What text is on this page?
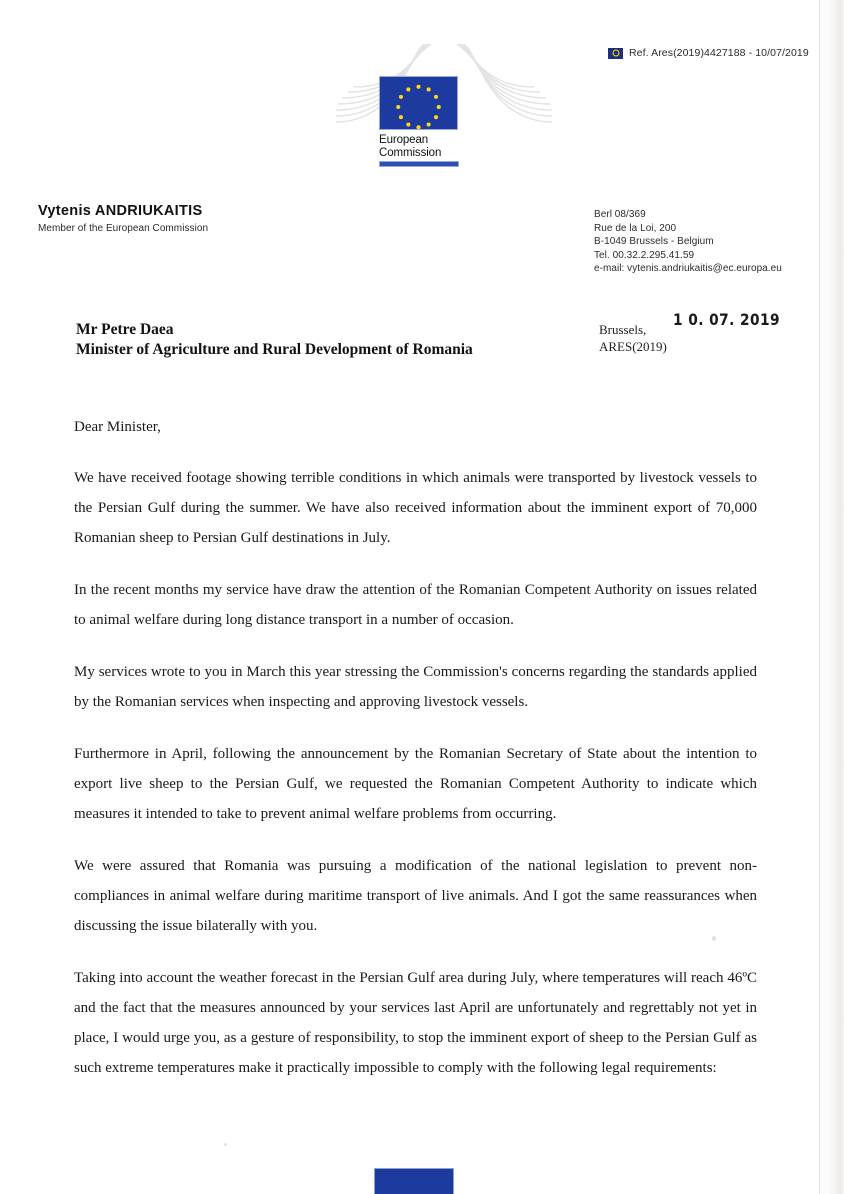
Ref. Ares(2019)4427188 - 10/07/2019
European
Commission
Vytenis ANDRIUKAITIS
Member of the European Commission
Berl 08/369
Rue de la Loi, 200
B-1049 Brussels - Belgium
Tel. 00.32.2.295.41.59
e-mail: vytenis.andriukaitis@ec.europa.eu
Mr Petre Daea
Minister of Agriculture and Rural Development of Romania
Brussels,
ARES(2019)
1 0. 07. 2019
Dear Minister,

We have received footage showing terrible conditions in which animals were transported by livestock vessels to the Persian Gulf during the summer. We have also received information about the imminent export of 70,000 Romanian sheep to Persian Gulf destinations in July.

In the recent months my service have draw the attention of the Romanian Competent Authority on issues related to animal welfare during long distance transport in a number of occasion.

My services wrote to you in March this year stressing the Commission's concerns regarding the standards applied by the Romanian services when inspecting and approving livestock vessels.

Furthermore in April, following the announcement by the Romanian Secretary of State about the intention to export live sheep to the Persian Gulf, we requested the Romanian Competent Authority to indicate which measures it intended to take to prevent animal welfare problems from occurring.

We were assured that Romania was pursuing a modification of the national legislation to prevent non-compliances in animal welfare during maritime transport of live animals. And I got the same reassurances when discussing the issue bilaterally with you.

Taking into account the weather forecast in the Persian Gulf area during July, where temperatures will reach 46ºC and the fact that the measures announced by your services last April are unfortunately and regrettably not yet in place, I would urge you, as a gesture of responsibility, to stop the imminent export of sheep to the Persian Gulf as such extreme temperatures make it practically impossible to comply with the following legal requirements:
